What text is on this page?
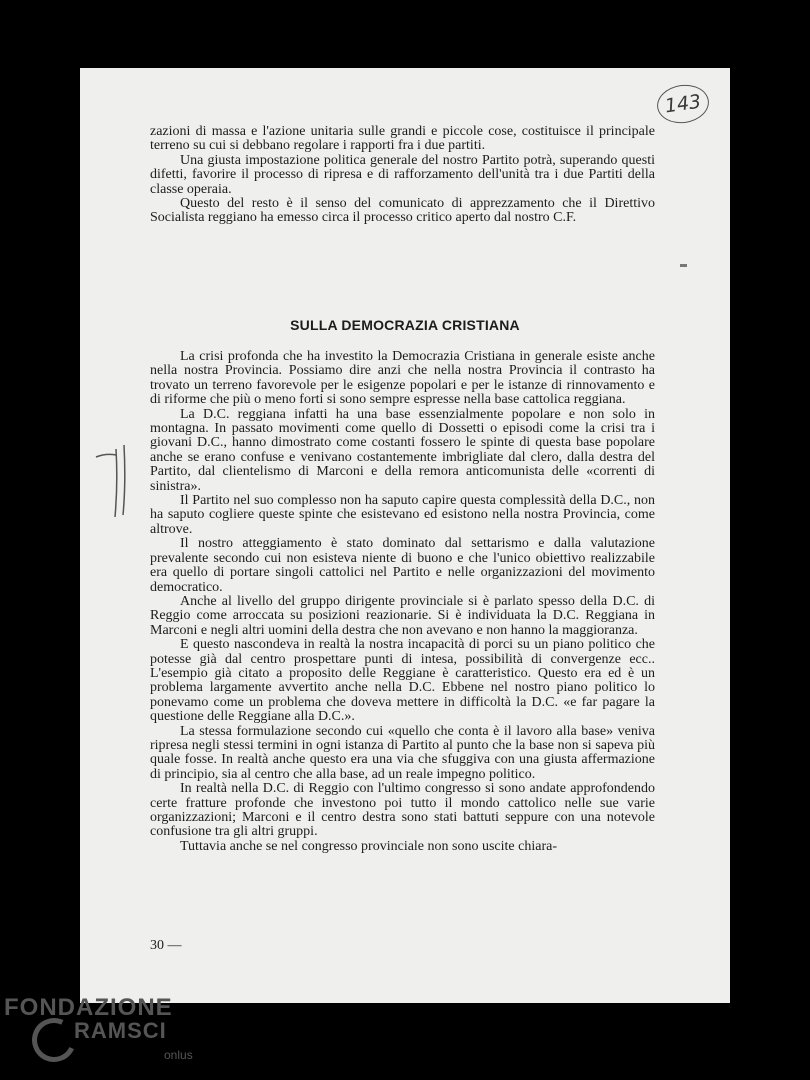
143

zazioni di massa e l'azione unitaria sulle grandi e piccole cose, costituisce il principale terreno su cui si debbano regolare i rapporti fra i due partiti.

Una giusta impostazione politica generale del nostro Partito potrà, superando questi difetti, favorire il processo di ripresa e di rafforzamento dell'unità tra i due Partiti della classe operaia.

Questo del resto è il senso del comunicato di apprezzamento che il Direttivo Socialista reggiano ha emesso circa il processo critico aperto dal nostro C.F.

SULLA DEMOCRAZIA CRISTIANA

La crisi profonda che ha investito la Democrazia Cristiana in generale esiste anche nella nostra Provincia. Possiamo dire anzi che nella nostra Provincia il contrasto ha trovato un terreno favorevole per le esigenze popolari e per le istanze di rinnovamento e di riforme che più o meno forti si sono sempre espresse nella base cattolica reggiana.

La D.C. reggiana infatti ha una base essenzialmente popolare e non solo in montagna. In passato movimenti come quello di Dossetti o episodi come la crisi tra i giovani D.C., hanno dimostrato come costanti fossero le spinte di questa base popolare anche se erano confuse e venivano costantemente imbrigliate dal clero, dalla destra del Partito, dal clientelismo di Marconi e della remora anticomunista delle «correnti di sinistra».

Il Partito nel suo complesso non ha saputo capire questa complessità della D.C., non ha saputo cogliere queste spinte che esistevano ed esistono nella nostra Provincia, come altrove.

Il nostro atteggiamento è stato dominato dal settarismo e dalla valutazione prevalente secondo cui non esisteva niente di buono e che l'unico obiettivo realizzabile era quello di portare singoli cattolici nel Partito e nelle organizzazioni del movimento democratico.

Anche al livello del gruppo dirigente provinciale si è parlato spesso della D.C. di Reggio come arroccata su posizioni reazionarie. Si è individuata la D.C. Reggiana in Marconi e negli altri uomini della destra che non avevano e non hanno la maggioranza.

E questo nascondeva in realtà la nostra incapacità di porci su un piano politico che potesse già dal centro prospettare punti di intesa, possibilità di convergenze ecc.. L'esempio già citato a proposito delle Reggiane è caratteristico. Questo era ed è un problema largamente avvertito anche nella D.C. Ebbene nel nostro piano politico lo ponevamo come un problema che doveva mettere in difficoltà la D.C. «e far pagare la questione delle Reggiane alla D.C.».

La stessa formulazione secondo cui «quello che conta è il lavoro alla base» veniva ripresa negli stessi termini in ogni istanza di Partito al punto che la base non si sapeva più quale fosse. In realtà anche questo era una via che sfuggiva con una giusta affermazione di principio, sia al centro che alla base, ad un reale impegno politico.

In realtà nella D.C. di Reggio con l'ultimo congresso si sono andate approfondendo certe fratture profonde che investono poi tutto il mondo cattolico nelle sue varie organizzazioni; Marconi e il centro destra sono stati battuti seppure con una notevole confusione tra gli altri gruppi.

Tuttavia anche se nel congresso provinciale non sono uscite chiara-

30 —
FONDAZIONE
RAMSCI
onlus
